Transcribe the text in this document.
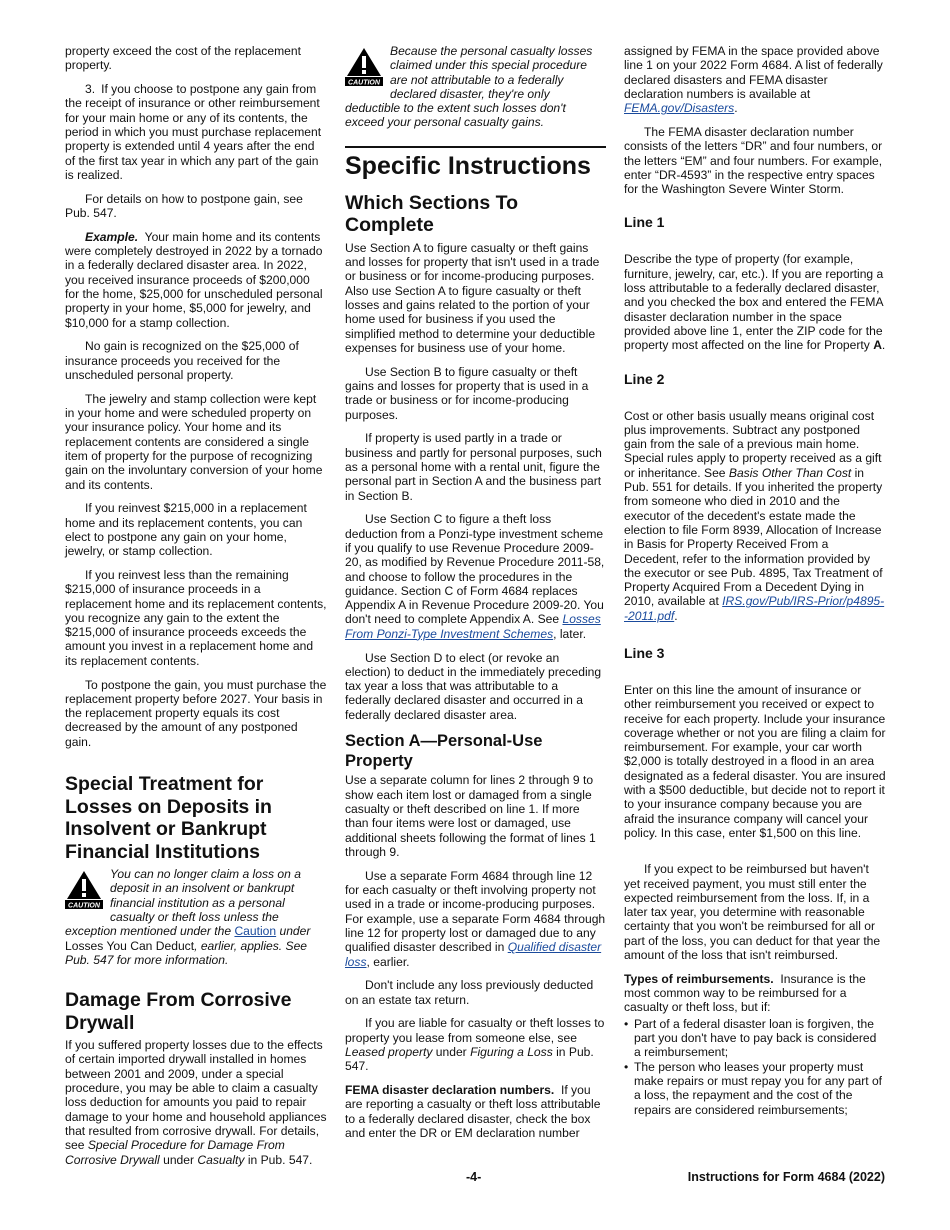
property exceed the cost of the replacement property.

3. If you choose to postpone any gain from the receipt of insurance or other reimbursement for your main home or any of its contents, the period in which you must purchase replacement property is extended until 4 years after the end of the first tax year in which any part of the gain is realized.

For details on how to postpone gain, see Pub. 547.

Example. Your main home and its contents were completely destroyed in 2022 by a tornado in a federally declared disaster area. In 2022, you received insurance proceeds of $200,000 for the home, $25,000 for unscheduled personal property in your home, $5,000 for jewelry, and $10,000 for a stamp collection.

No gain is recognized on the $25,000 of insurance proceeds you received for the unscheduled personal property.

The jewelry and stamp collection were kept in your home and were scheduled property on your insurance policy. Your home and its replacement contents are considered a single item of property for the purpose of recognizing gain on the involuntary conversion of your home and its contents.

If you reinvest $215,000 in a replacement home and its replacement contents, you can elect to postpone any gain on your home, jewelry, or stamp collection.

If you reinvest less than the remaining $215,000 of insurance proceeds in a replacement home and its replacement contents, you recognize any gain to the extent the $215,000 of insurance proceeds exceeds the amount you invest in a replacement home and its replacement contents.

To postpone the gain, you must purchase the replacement property before 2027. Your basis in the replacement property equals its cost decreased by the amount of any postponed gain.

Special Treatment for Losses on Deposits in Insolvent or Bankrupt Financial Institutions

CAUTION
You can no longer claim a loss on a deposit in an insolvent or bankrupt financial institution as a personal casualty or theft loss unless the exception mentioned under the Caution under Losses You Can Deduct, earlier, applies. See Pub. 547 for more information.

Damage From Corrosive Drywall

If you suffered property losses due to the effects of certain imported drywall installed in homes between 2001 and 2009, under a special procedure, you may be able to claim a casualty loss deduction for amounts you paid to repair damage to your home and household appliances that resulted from corrosive drywall. For details, see Special Procedure for Damage From Corrosive Drywall under Casualty in Pub. 547.

CAUTION
Because the personal casualty losses claimed under this special procedure are not attributable to a federally declared disaster, they're only deductible to the extent such losses don't exceed your personal casualty gains.

Specific Instructions
Which Sections To Complete

Use Section A to figure casualty or theft gains and losses for property that isn't used in a trade or business or for income-producing purposes. Also use Section A to figure casualty or theft losses and gains related to the portion of your home used for business if you used the simplified method to determine your deductible expenses for business use of your home.

Use Section B to figure casualty or theft gains and losses for property that is used in a trade or business or for income-producing purposes.

If property is used partly in a trade or business and partly for personal purposes, such as a personal home with a rental unit, figure the personal part in Section A and the business part in Section B.

Use Section C to figure a theft loss deduction from a Ponzi-type investment scheme if you qualify to use Revenue Procedure 2009-20, as modified by Revenue Procedure 2011-58, and choose to follow the procedures in the guidance. Section C of Form 4684 replaces Appendix A in Revenue Procedure 2009-20. You don't need to complete Appendix A. See Losses From Ponzi-Type Investment Schemes, later.

Use Section D to elect (or revoke an election) to deduct in the immediately preceding tax year a loss that was attributable to a federally declared disaster and occurred in a federally declared disaster area.

Section A—Personal-Use Property

Use a separate column for lines 2 through 9 to show each item lost or damaged from a single casualty or theft described on line 1. If more than four items were lost or damaged, use additional sheets following the format of lines 1 through 9.

Use a separate Form 4684 through line 12 for each casualty or theft involving property not used in a trade or income-producing purposes. For example, use a separate Form 4684 through line 12 for property lost or damaged due to any qualified disaster described in Qualified disaster loss, earlier.

Don't include any loss previously deducted on an estate tax return.

If you are liable for casualty or theft losses to property you lease from someone else, see Leased property under Figuring a Loss in Pub. 547.

FEMA disaster declaration numbers. If you are reporting a casualty or theft loss attributable to a federally declared disaster, check the box and enter the DR or EM declaration number

assigned by FEMA in the space provided above line 1 on your 2022 Form 4684. A list of federally declared disasters and FEMA disaster declaration numbers is available at FEMA.gov/Disasters.

The FEMA disaster declaration number consists of the letters “DR” and four numbers, or the letters “EM” and four numbers. For example, enter “DR-4593” in the respective entry spaces for the Washington Severe Winter Storm.

Line 1

Describe the type of property (for example, furniture, jewelry, car, etc.). If you are reporting a loss attributable to a federally declared disaster, and you checked the box and entered the FEMA disaster declaration number in the space provided above line 1, enter the ZIP code for the property most affected on the line for Property A.

Line 2

Cost or other basis usually means original cost plus improvements. Subtract any postponed gain from the sale of a previous main home. Special rules apply to property received as a gift or inheritance. See Basis Other Than Cost in Pub. 551 for details. If you inherited the property from someone who died in 2010 and the executor of the decedent's estate made the election to file Form 8939, Allocation of Increase in Basis for Property Received From a Decedent, refer to the information provided by the executor or see Pub. 4895, Tax Treatment of Property Acquired From a Decedent Dying in 2010, available at IRS.gov/Pub/IRS-Prior/p4895--2011.pdf.

Line 3

Enter on this line the amount of insurance or other reimbursement you received or expect to receive for each property. Include your insurance coverage whether or not you are filing a claim for reimbursement. For example, your car worth $2,000 is totally destroyed in a flood in an area designated as a federal disaster. You are insured with a $500 deductible, but decide not to report it to your insurance company because you are afraid the insurance company will cancel your policy. In this case, enter $1,500 on this line.

If you expect to be reimbursed but haven't yet received payment, you must still enter the expected reimbursement from the loss. If, in a later tax year, you determine with reasonable certainty that you won't be reimbursed for all or part of the loss, you can deduct for that year the amount of the loss that isn't reimbursed.

Types of reimbursements. Insurance is the most common way to be reimbursed for a casualty or theft loss, but if:

• Part of a federal disaster loan is forgiven, the part you don't have to pay back is considered a reimbursement;
• The person who leases your property must make repairs or must repay you for any part of a loss, the repayment and the cost of the repairs are considered reimbursements;
-4-	Instructions for Form 4684 (2022)
